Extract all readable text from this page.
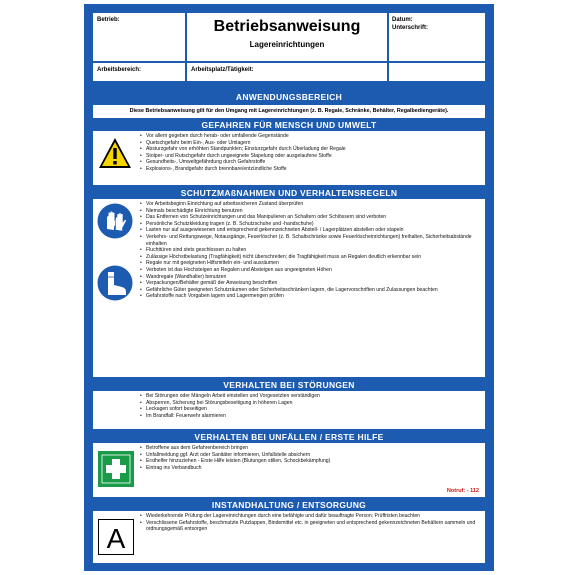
Betrieb:	Betriebsanweisung
Lagereinrichtungen
Datum:
Unterschrift:
Arbeitsbereich:	Arbeitsplatz/Tätigkeit:
ANWENDUNGSBEREICH
Diese Betriebsanweisung gilt für den Umgang mit Lagereinrichtungen (z. B. Regale, Schränke, Behälter, Regalbediengeräte).
GEFAHREN FÜR MENSCH UND UMWELT
• Vor allem gegeben durch herab- oder umfallende Gegenstände
• Quetschgefahr beim Ein-, Aus- oder Umlagern
• Absturzgefahr von erhöhten Standpunkten; Einsturzgefahr durch Überladung der Regale
• Stolper- und Rutschgefahr durch ungeeignete Stapelung oder ausgelaufene Stoffe
• Gesundheits-, Umweltgefährdung durch Gefahrstoffe
• Explosions-, Brandgefahr durch brennbare/entzündliche Stoffe
SCHUTZMAßNAHMEN UND VERHALTENSREGELN
• Vor Arbeitsbeginn Einrichtung auf arbeitssicheren Zustand überprüfen
• Niemals beschädigte Einrichtung benutzen
• Das Entfernen von Schutzeinrichtungen und das Manipulieren an Schaltern oder Schlössern sind verboten
• Persönliche Schutzkleidung tragen (z. B. Schutzschuhe und -handschuhe)
• Lasten nur auf ausgewiesenen und entsprechend gekennzeichneten Abstell- / Lagerplätzen abstellen oder stapeln
• Verkehrs- und Rettungswege, Notausgänge, Feuerlöscher (z. B. Schaltschränke sowie Feuerlöscheinrichtungen) freihalten, Sicherheitsabstände einhalten
• Fluchttüren sind stets geschlossen zu halten
• Zulässige Höchstbelastung (Tragfähigkeit) nicht überschreiten; die Tragfähigkeit muss an Regalen deutlich erkennbar sein
• Regale nur mit geeigneten Hilfsmitteln ein- und ausräumen
• Verboten ist das Hochsteigen an Regalen und Absteigen aus ungeeigneten Höhen
• Wandregale (Wandhalter) benutzen
• Verpackungen/Behälter gemäß der Anweisung beschriften
• Gefährliche Güter geeigneten Schutzräumen oder Sicherheitsschränken lagern, die Lagervorschriften und Zulassungen beachten
• Gefahrstoffe nach Vorgaben lagern und Lagermengen prüfen
VERHALTEN BEI STÖRUNGEN
• Bei Störungen oder Mängeln Arbeit einstellen und Vorgesetzten verständigen
• Absperren, Sicherung bei Störungsbeseitigung in höheren Lagen
• Leckagen sofort beseitigen
• Im Brandfall: Feuerwehr alarmieren
VERHALTEN BEI UNFÄLLEN / ERSTE HILFE
• Betroffene aus dem Gefahrenbereich bringen
• Unfallmeldung ggf. Arzt oder Sanitäter informieren, Unfallstelle absichern
• Ersthelfer hinzuziehen - Erste Hilfe leisten (Blutungen stillen, Schockbekämpfung)
• Eintrag ins Verbandbuch
Notruf: - 112
INSTANDHALTUNG / ENTSORGUNG
A
• Wiederkehrende Prüfung der Lagereinrichtungen durch eine befähigte und dafür beauftragte Person; Prüffristen beachten
• Verschlissene Gefahrstoffe, beschmutzte Putzlappen, Bindemittel etc. in geeigneten und entsprechend gekennzeichneten Behältern sammeln und ordnungsgemäß entsorgen
